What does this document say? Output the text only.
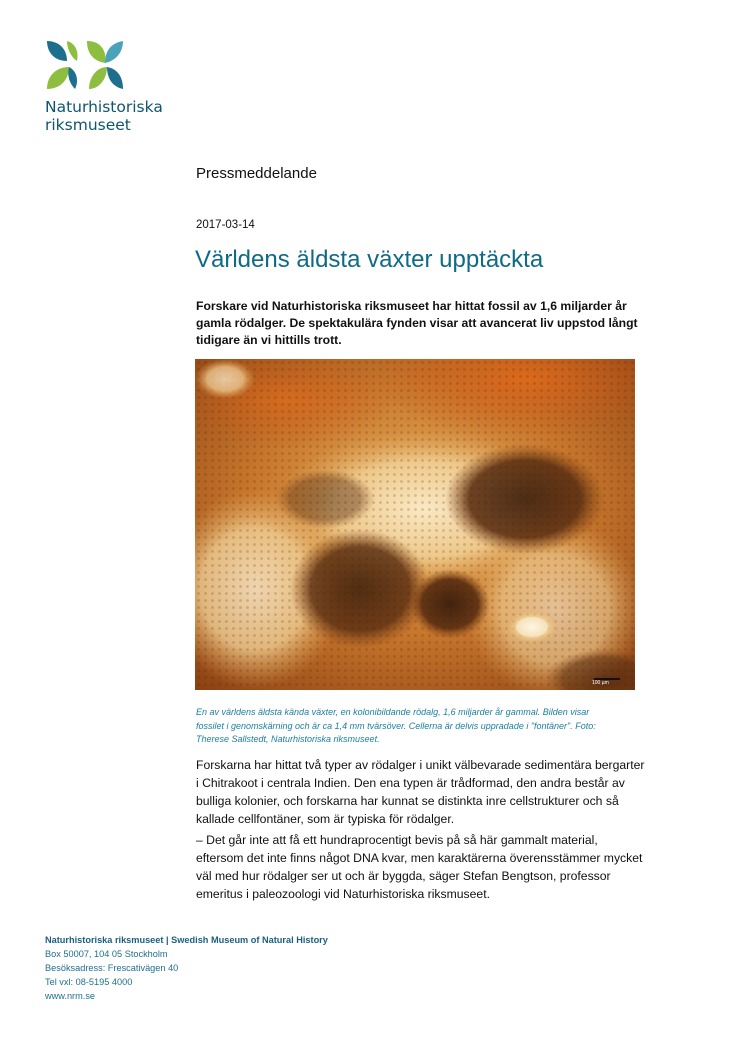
Naturhistoriska
riksmuseet
Pressmeddelande
2017-03-14
Världens äldsta växter upptäckta
Forskare vid Naturhistoriska riksmuseet har hittat fossil av 1,6 miljarder år
gamla rödalger. De spektakulära fynden visar att avancerat liv uppstod långt
tidigare än vi hittills trott.
100 µm
En av världens äldsta kända växter, en kolonibildande rödalg, 1,6 miljarder år gammal. Bilden visar
fossilet i genomskärning och är ca 1,4 mm tvärsöver. Cellerna är delvis uppradade i "fontäner". Foto:
Therese Sallstedt, Naturhistoriska riksmuseet.
Forskarna har hittat två typer av rödalger i unikt välbevarade sedimentära bergarter
i Chitrakoot i centrala Indien. Den ena typen är trådformad, den andra består av
bulliga kolonier, och forskarna har kunnat se distinkta inre cellstrukturer och så
kallade cellfontäner, som är typiska för rödalger.
– Det går inte att få ett hundraprocentigt bevis på så här gammalt material,
eftersom det inte finns något DNA kvar, men karaktärerna överensstämmer mycket
väl med hur rödalger ser ut och är byggda, säger Stefan Bengtson, professor
emeritus i paleozoologi vid Naturhistoriska riksmuseet.
Naturhistoriska riksmuseet | Swedish Museum of Natural History
Box 50007, 104 05 Stockholm
Besöksadress: Frescativägen 40
Tel vxl: 08-5195 4000
www.nrm.se
